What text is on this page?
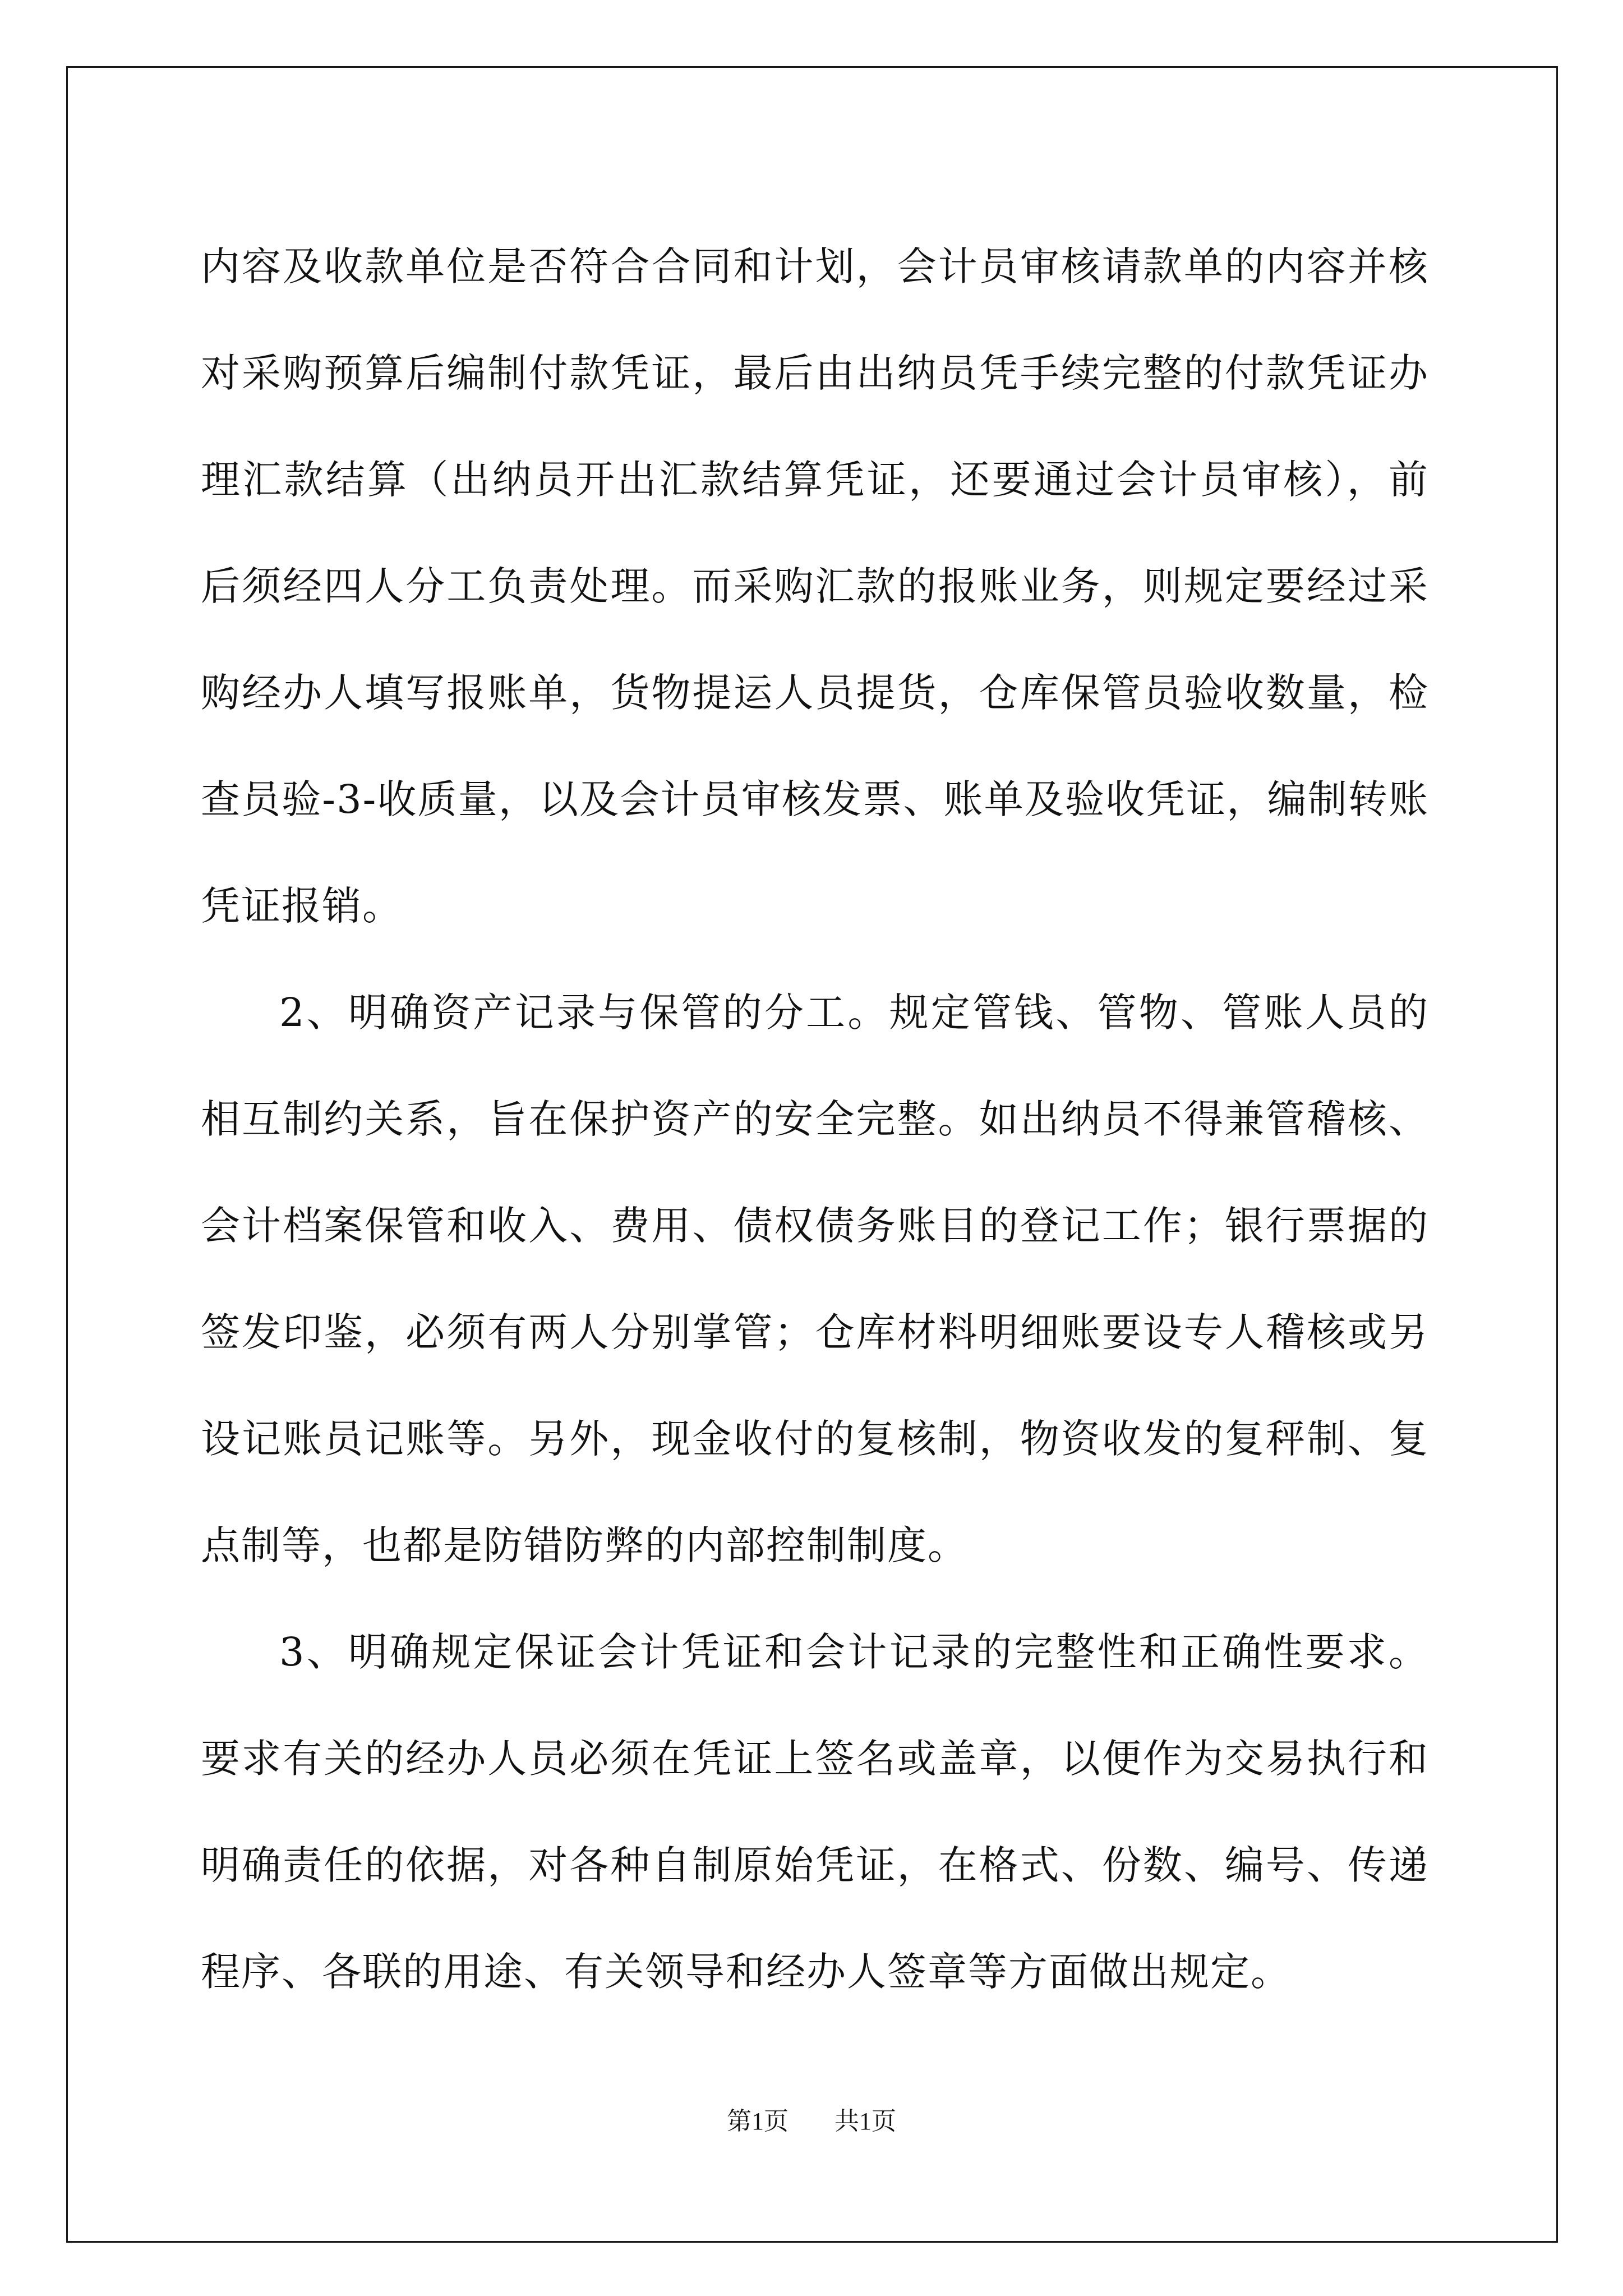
内容及收款单位是否符合合同和计划，会计员审核请款单的内容并核对采购预算后编制付款凭证，最后由出纳员凭手续完整的付款凭证办理汇款结算（出纳员开出汇款结算凭证，还要通过会计员审核），前后须经四人分工负责处理。而采购汇款的报账业务，则规定要经过采购经办人填写报账单，货物提运人员提货，仓库保管员验收数量，检查员验-3-收质量，以及会计员审核发票、账单及验收凭证，编制转账凭证报销。

2、明确资产记录与保管的分工。规定管钱、管物、管账人员的相互制约关系，旨在保护资产的安全完整。如出纳员不得兼管稽核、会计档案保管和收入、费用、债权债务账目的登记工作；银行票据的签发印鉴，必须有两人分别掌管；仓库材料明细账要设专人稽核或另设记账员记账等。另外，现金收付的复核制，物资收发的复秤制、复点制等，也都是防错防弊的内部控制制度。

3、明确规定保证会计凭证和会计记录的完整性和正确性要求。要求有关的经办人员必须在凭证上签名或盖章，以便作为交易执行和明确责任的依据，对各种自制原始凭证，在格式、份数、编号、传递程序、各联的用途、有关领导和经办人签章等方面做出规定。

第1页 共1页
